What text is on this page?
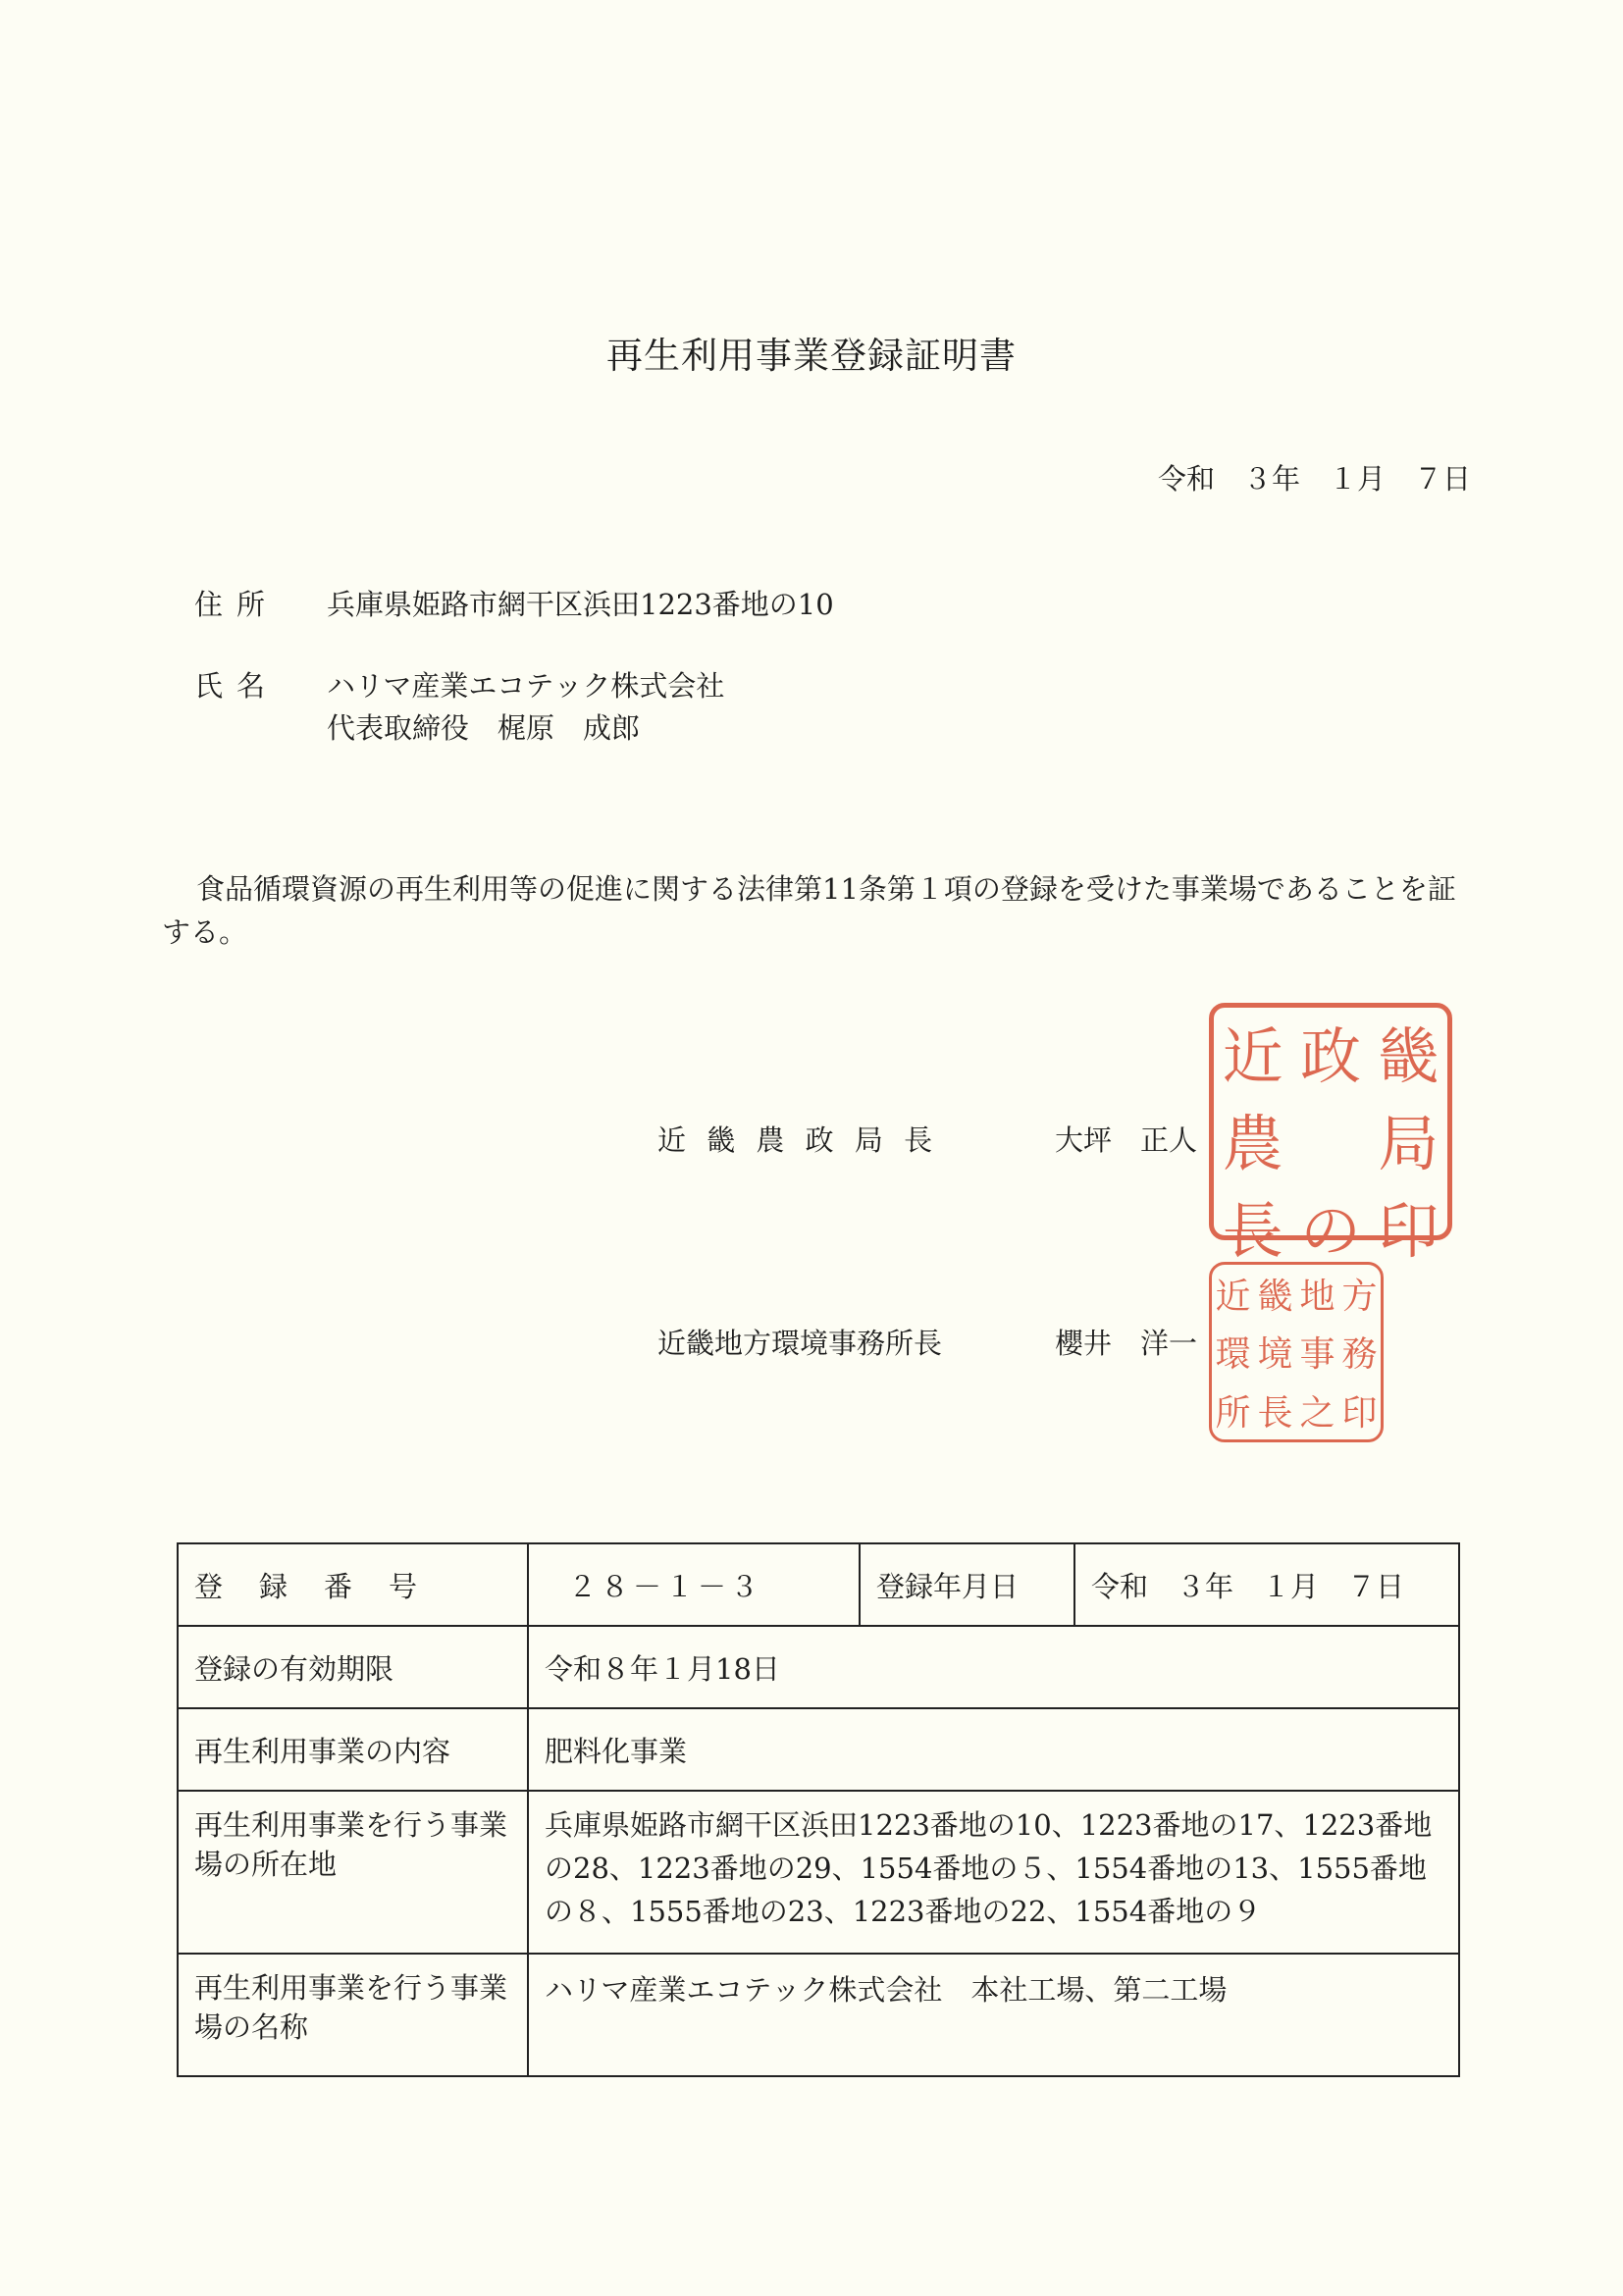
再生利用事業登録証明書
令和　３年　１月　７日
住所 兵庫県姫路市網干区浜田1223番地の10
氏名 ハリマ産業エコテック株式会社
代表取締役　梶原　成郎
食品循環資源の再生利用等の促進に関する法律第11条第１項の登録を受けた事業場であることを証する。
近 畿 農 政 局 長	大坪　正人
畿
局
印
政
の
近
農
長
近畿地方環境事務所長	櫻井　洋一
方
務
印
地
事
之
畿
境
長
近
環
所
登　録　番　号	２８－１－３	登録年月日	令和　３年　１月　７日
登録の有効期限	令和８年１月18日		
再生利用事業の内容	肥料化事業		
再生利用事業を行う事業場の所在地	兵庫県姫路市網干区浜田1223番地の10、1223番地の17、1223番地の28、1223番地の29、1554番地の５、1554番地の13、1555番地の８、1555番地の23、1223番地の22、1554番地の９		
再生利用事業を行う事業場の名称	ハリマ産業エコテック株式会社　本社工場、第二工場		
